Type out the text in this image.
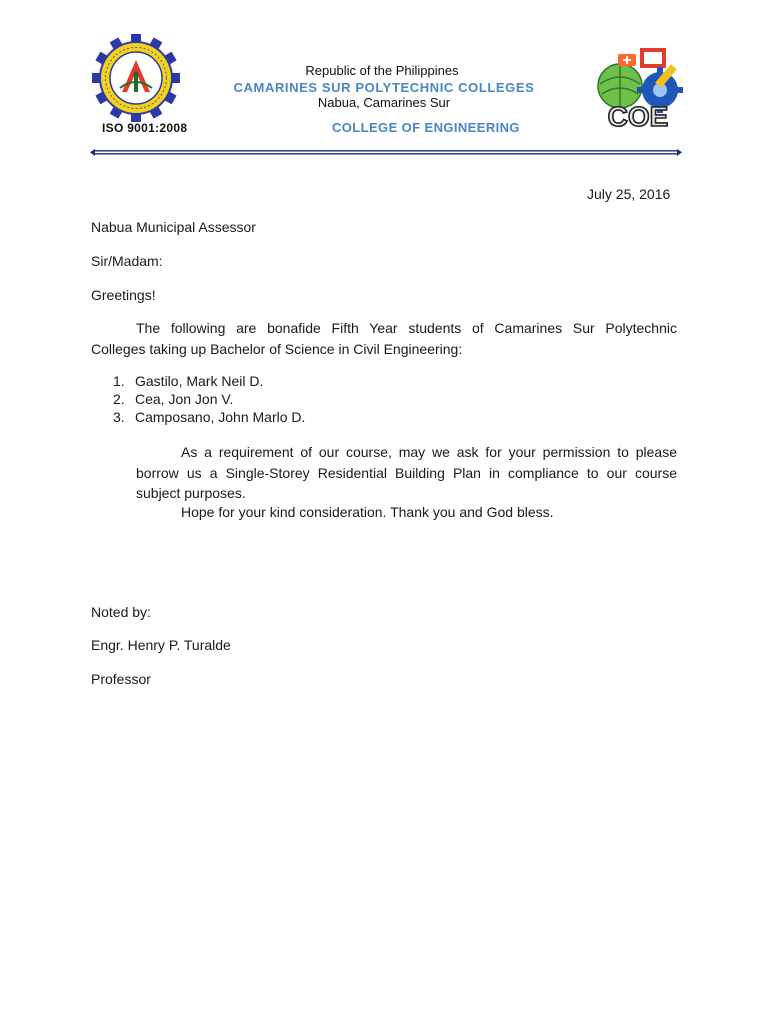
ISO 9001:2008
Republic of the Philippines
CAMARINES SUR POLYTECHNIC COLLEGES
Nabua, Camarines Sur
COLLEGE OF ENGINEERING	COE
July 25, 2016
Nabua Municipal Assessor
Sir/Madam:
Greetings!
The following are bonafide Fifth Year students of Camarines Sur Polytechnic
Colleges taking up Bachelor of Science in Civil Engineering:
1. Gastilo, Mark Neil D.
2. Cea, Jon Jon V.
3. Camposano, John Marlo D.
As a requirement of our course, may we ask for your permission to please
borrow us a Single-Storey Residential Building Plan in compliance to our course
subject purposes.
Hope for your kind consideration. Thank you and God bless.
Noted by:
Engr. Henry P. Turalde
Professor
